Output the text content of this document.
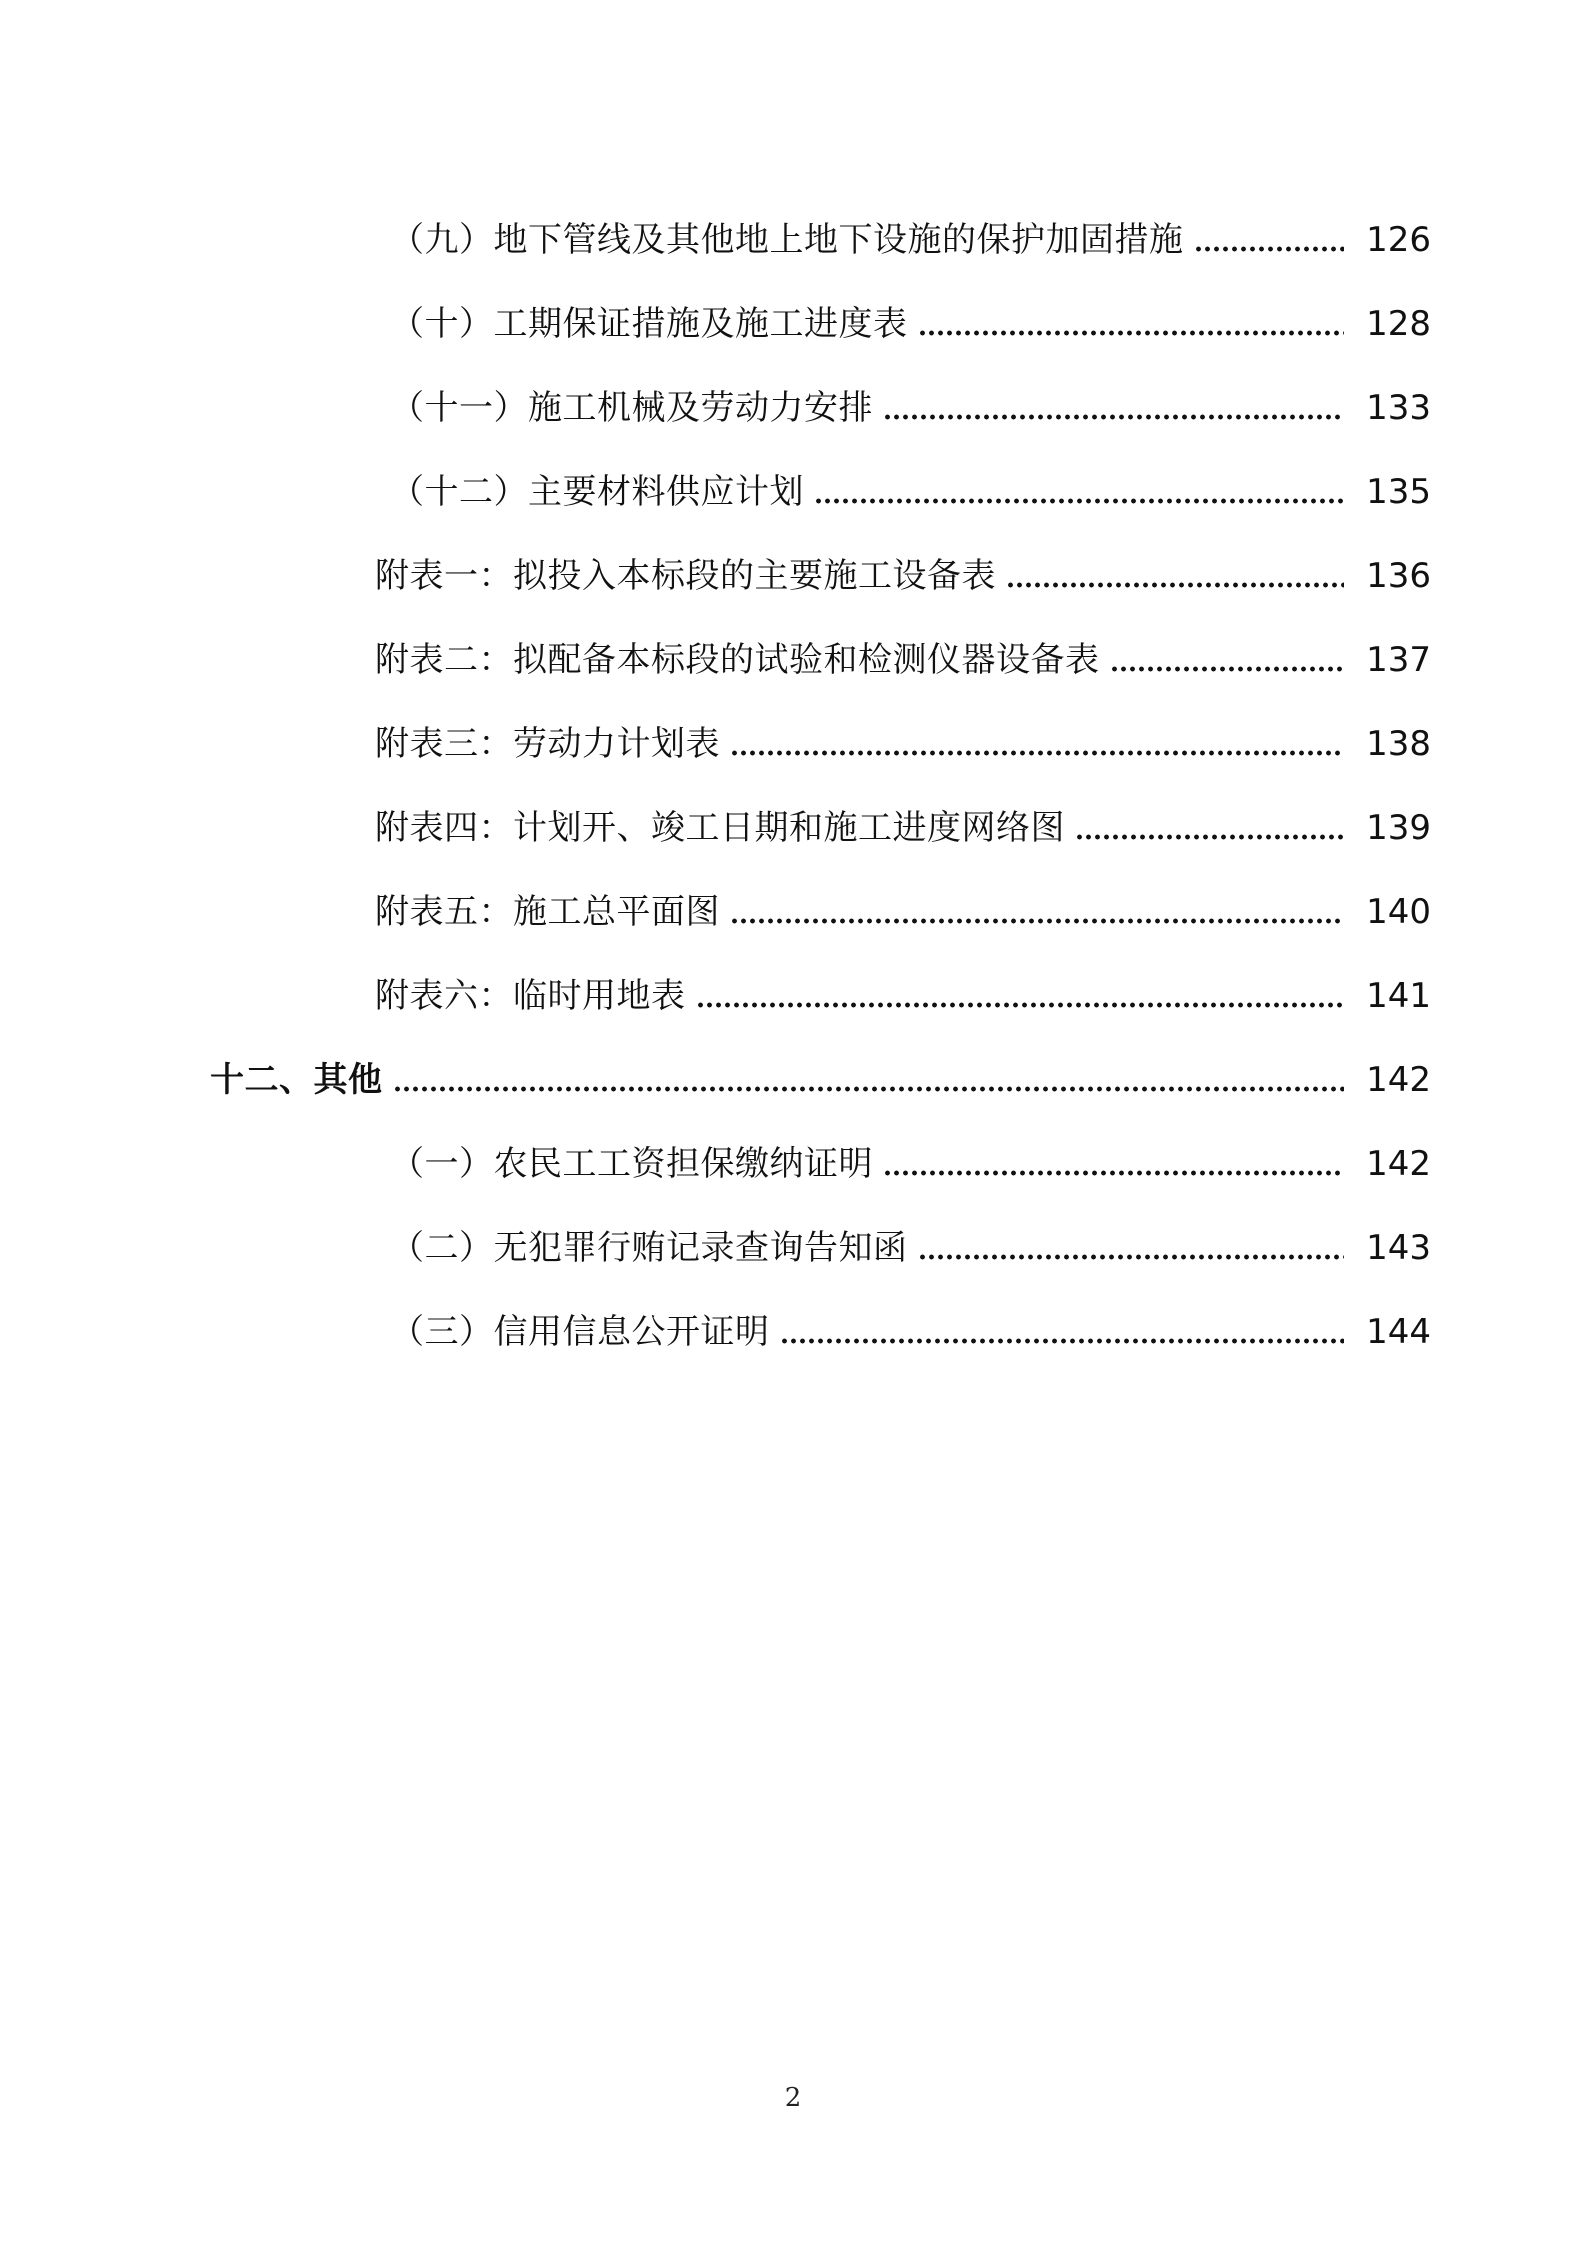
（九）地下管线及其他地上地下设施的保护加固措施	126
（十）工期保证措施及施工进度表	128
（十一）施工机械及劳动力安排	133
（十二）主要材料供应计划	135
附表一：拟投入本标段的主要施工设备表	136
附表二：拟配备本标段的试验和检测仪器设备表	137
附表三：劳动力计划表	138
附表四：计划开、竣工日期和施工进度网络图	139
附表五：施工总平面图	140
附表六：临时用地表	141
十二、其他	142
（一）农民工工资担保缴纳证明	142
（二）无犯罪行贿记录查询告知函	143
（三）信用信息公开证明	144
2
